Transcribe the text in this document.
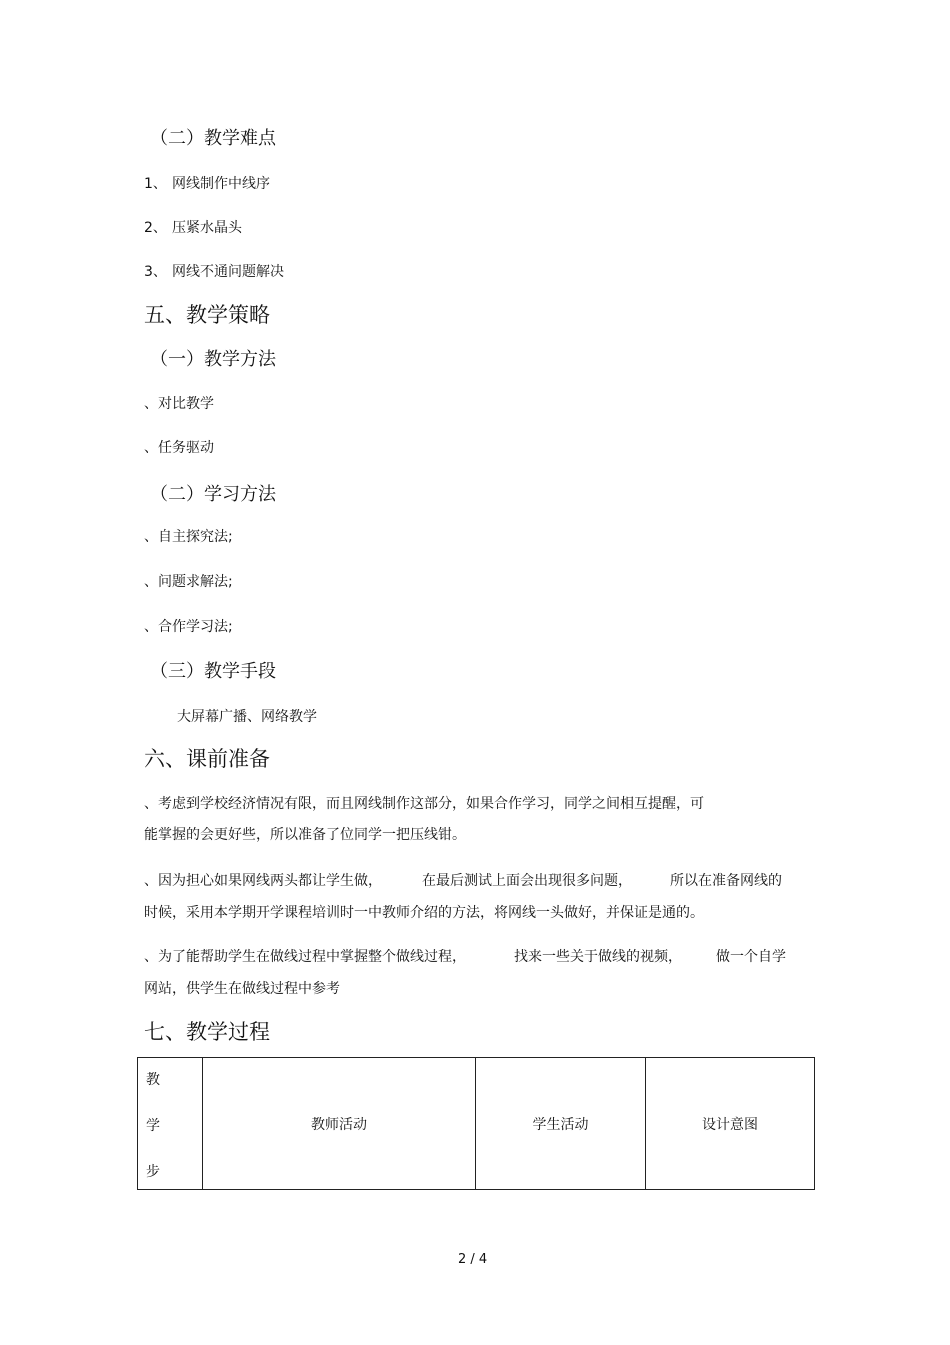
（二）教学难点
1、 网线制作中线序
2、 压紧水晶头
3、 网线不通问题解决
五、教学策略
（一）教学方法
、对比教学
、任务驱动
（二）学习方法
、自主探究法;
、问题求解法;
、合作学习法;
（三）教学手段
大屏幕广播、网络教学
六、课前准备
、考虑到学校经济情况有限，而且网线制作这部分，如果合作学习，同学之间相互提醒，可
能掌握的会更好些，所以准备了位同学一把压线钳。
、因为担心如果网线两头都让学生做，	在最后测试上面会出现很多问题，	所以在准备网线的
时候，采用本学期开学课程培训时一中教师介绍的方法，将网线一头做好，并保证是通的。
、为了能帮助学生在做线过程中掌握整个做线过程，	找来一些关于做线的视频， 做一个自学
网站，供学生在做线过程中参考
七、教学过程
教
学
步
	教师活动	学生活动	设计意图
2 / 4
